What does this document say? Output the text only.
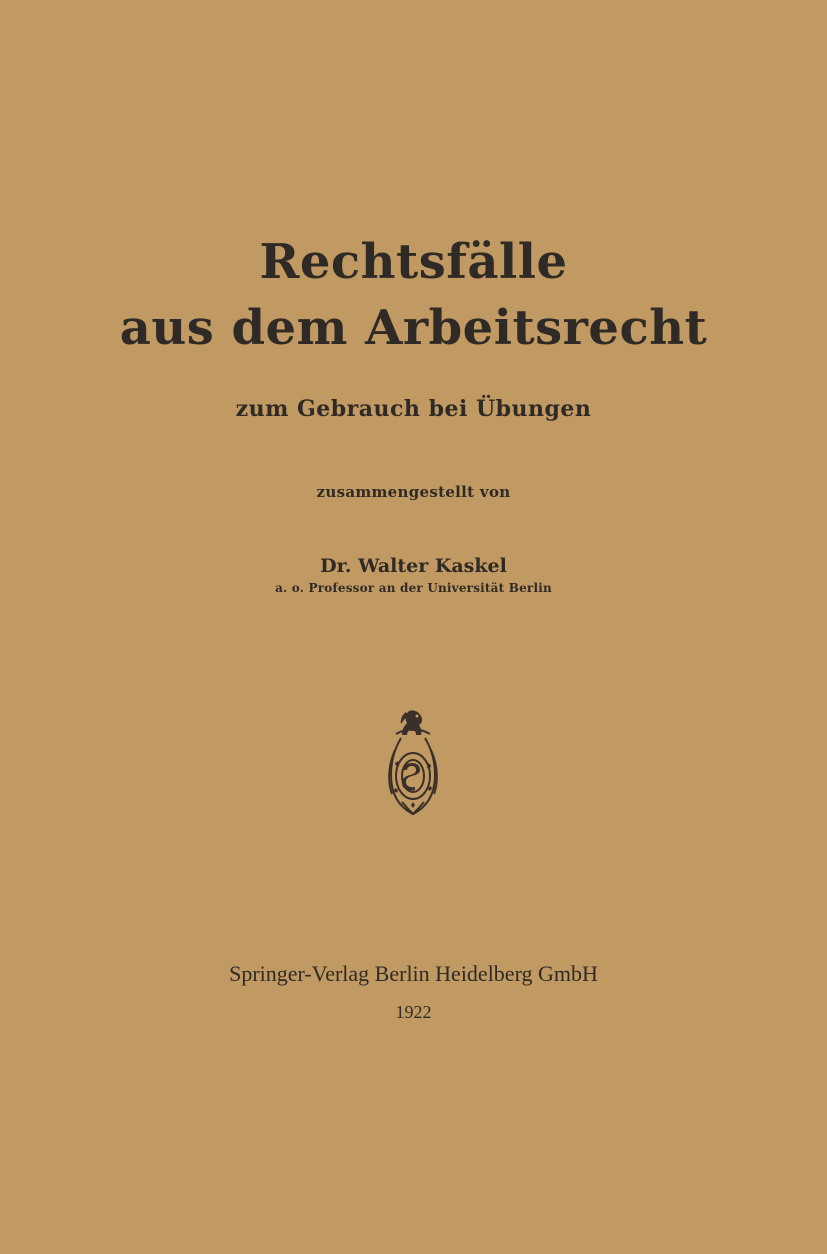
Rechtsfälle
aus dem Arbeitsrecht
zum Gebrauch bei Übungen
zusammengestellt von
Dr. Walter Kaskel
a. o. Professor an der Universität Berlin
Springer-Verlag Berlin Heidelberg GmbH
1922
